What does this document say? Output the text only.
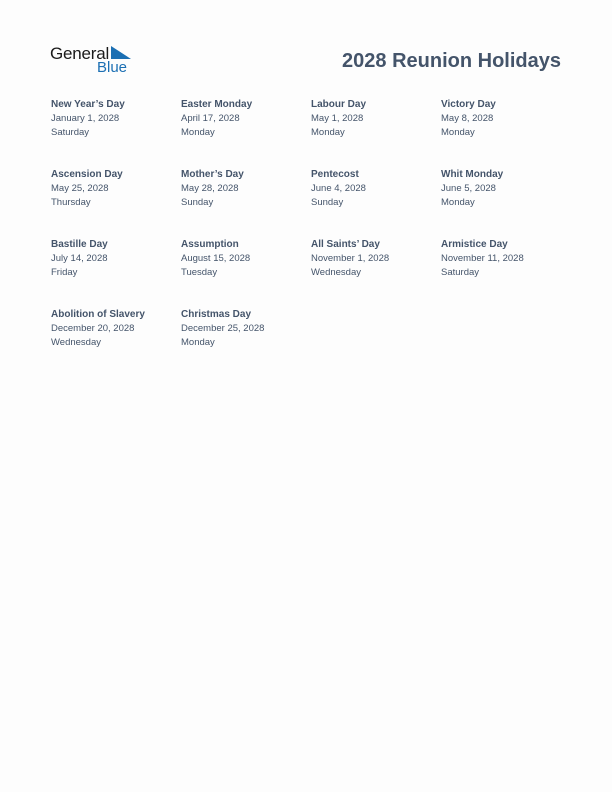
General
Blue	2028 Reunion Holidays
New Year’s Day
January 1, 2028
Saturday
Easter Monday
April 17, 2028
Monday
Labour Day
May 1, 2028
Monday
Victory Day
May 8, 2028
Monday
Ascension Day
May 25, 2028
Thursday
Mother’s Day
May 28, 2028
Sunday
Pentecost
June 4, 2028
Sunday
Whit Monday
June 5, 2028
Monday
Bastille Day
July 14, 2028
Friday
Assumption
August 15, 2028
Tuesday
All Saints’ Day
November 1, 2028
Wednesday
Armistice Day
November 11, 2028
Saturday
Abolition of Slavery
December 20, 2028
Wednesday
Christmas Day
December 25, 2028
Monday
